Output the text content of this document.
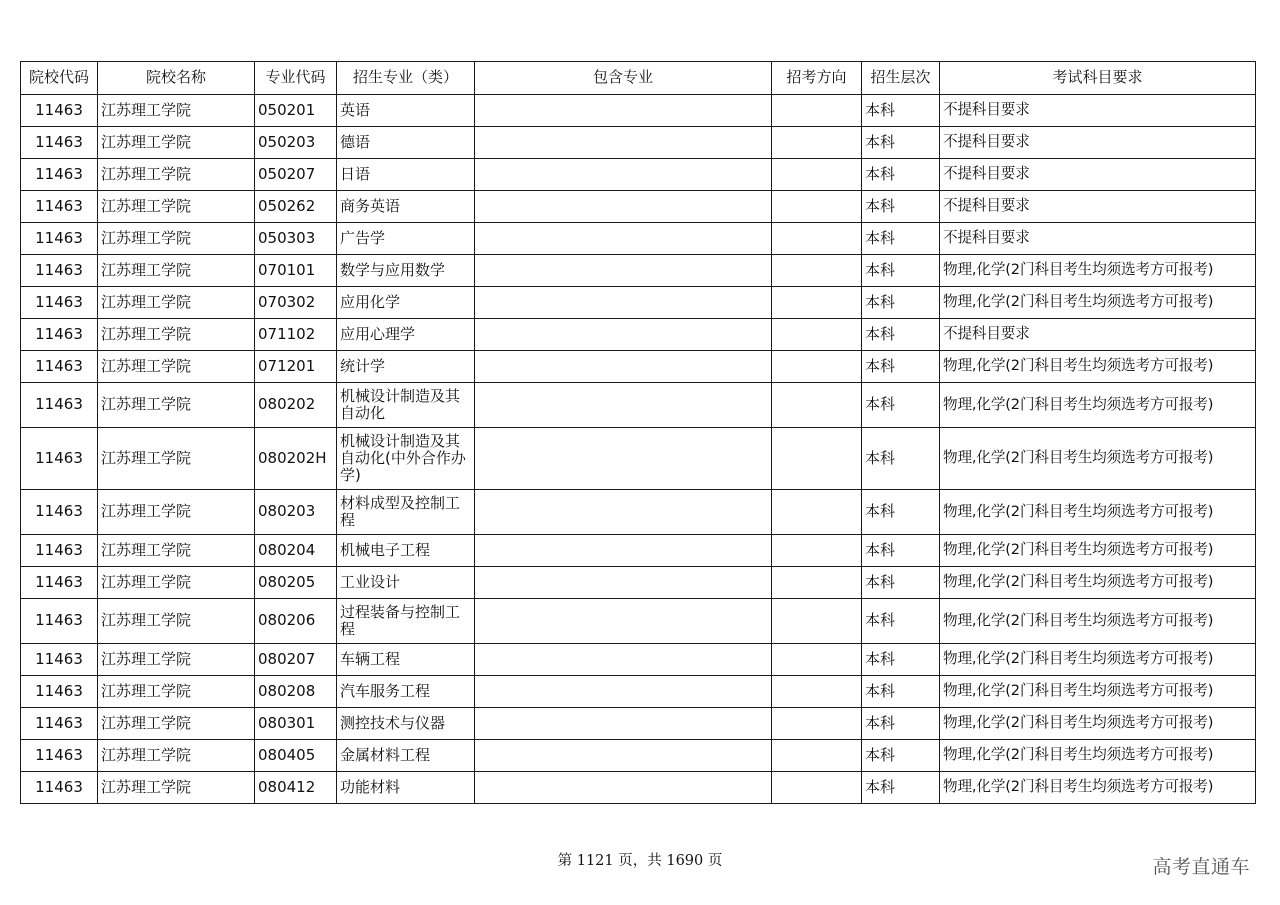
院校代码	院校名称	专业代码	招生专业（类）	包含专业	招考方向	招生层次	考试科目要求
11463	江苏理工学院	050201	英语			本科	不提科目要求
11463	江苏理工学院	050203	德语			本科	不提科目要求
11463	江苏理工学院	050207	日语			本科	不提科目要求
11463	江苏理工学院	050262	商务英语			本科	不提科目要求
11463	江苏理工学院	050303	广告学			本科	不提科目要求
11463	江苏理工学院	070101	数学与应用数学			本科	物理,化学(2门科目考生均须选考方可报考)
11463	江苏理工学院	070302	应用化学			本科	物理,化学(2门科目考生均须选考方可报考)
11463	江苏理工学院	071102	应用心理学			本科	不提科目要求
11463	江苏理工学院	071201	统计学			本科	物理,化学(2门科目考生均须选考方可报考)
11463	江苏理工学院	080202	机械设计制造及其自动化			本科	物理,化学(2门科目考生均须选考方可报考)
11463	江苏理工学院	080202H	机械设计制造及其自动化(中外合作办学)			本科	物理,化学(2门科目考生均须选考方可报考)
11463	江苏理工学院	080203	材料成型及控制工程			本科	物理,化学(2门科目考生均须选考方可报考)
11463	江苏理工学院	080204	机械电子工程			本科	物理,化学(2门科目考生均须选考方可报考)
11463	江苏理工学院	080205	工业设计			本科	物理,化学(2门科目考生均须选考方可报考)
11463	江苏理工学院	080206	过程装备与控制工程			本科	物理,化学(2门科目考生均须选考方可报考)
11463	江苏理工学院	080207	车辆工程			本科	物理,化学(2门科目考生均须选考方可报考)
11463	江苏理工学院	080208	汽车服务工程			本科	物理,化学(2门科目考生均须选考方可报考)
11463	江苏理工学院	080301	测控技术与仪器			本科	物理,化学(2门科目考生均须选考方可报考)
11463	江苏理工学院	080405	金属材料工程			本科	物理,化学(2门科目考生均须选考方可报考)
11463	江苏理工学院	080412	功能材料			本科	物理,化学(2门科目考生均须选考方可报考)
第 1121 页，共 1690 页	高考直通车
